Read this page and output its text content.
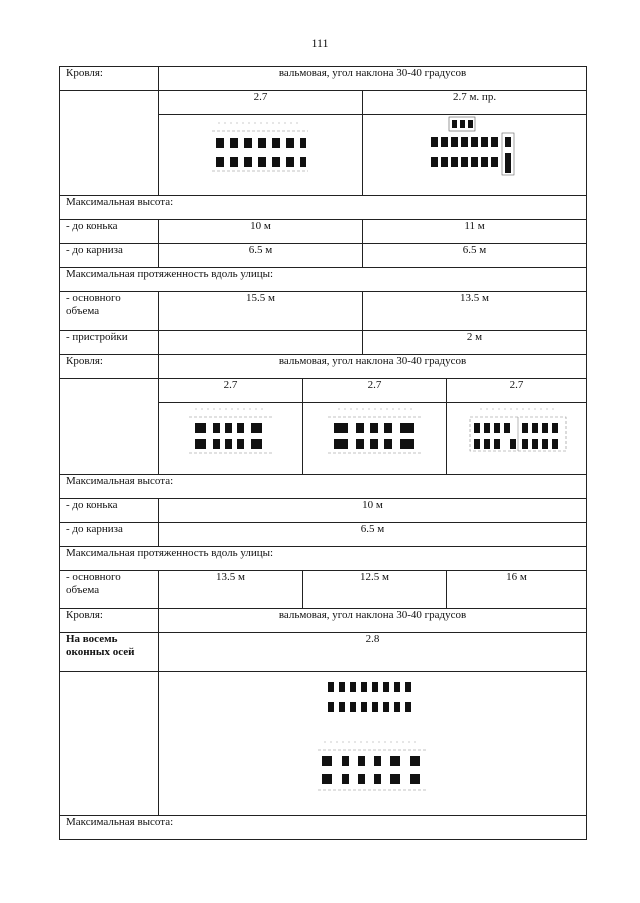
111
Кровля:	вальмовая, угол наклона 30-40 градусов			
	2.7		2.7 м. пр.	

Максимальная высота:				
- до конька	10 м		11 м	
- до карниза	6.5 м		6.5 м	
Максимальная протяженность вдоль улицы:				
- основного объема	15.5 м		13.5 м	
- пристройки			2 м	
Кровля:	вальмовая, угол наклона 30-40 градусов			
	2.7	2.7		2.7

Максимальная высота:				
- до конька	10 м			
- до карниза	6.5 м			
Максимальная протяженность вдоль улицы:				
- основного объема	13.5 м	12.5 м		16 м
Кровля:	вальмовая, угол наклона 30-40 градусов			
На восемь оконных осей	2.8			

Максимальная высота:				
